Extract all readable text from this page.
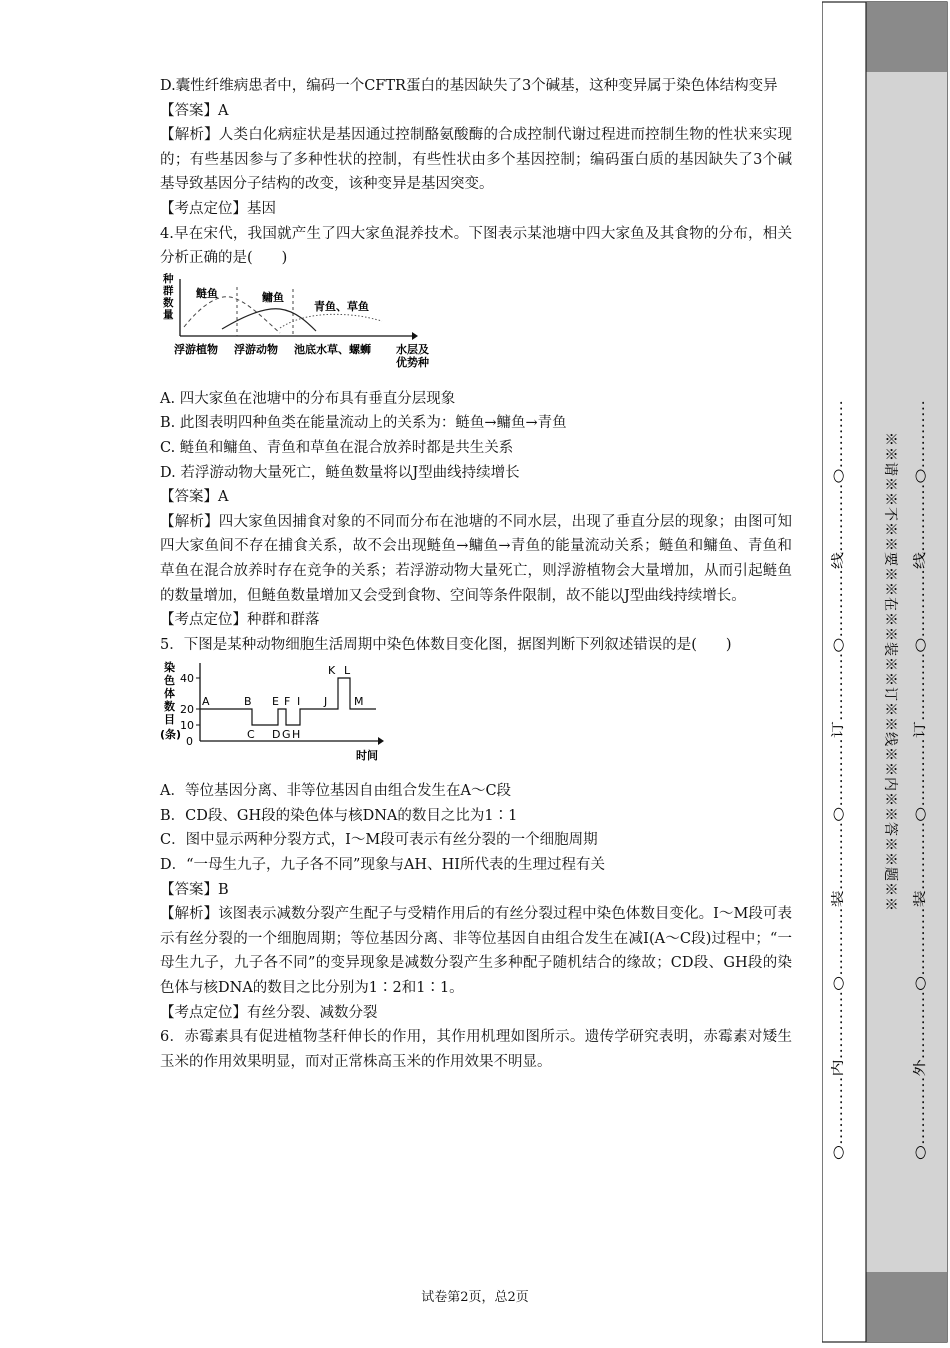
D.囊性纤维病患者中，编码一个CFTR蛋白的基因缺失了3个碱基，这种变异属于染色体结构变异

【答案】A

【解析】人类白化病症状是基因通过控制酪氨酸酶的合成控制代谢过程进而控制生物的性状来实现的；有些基因参与了多种性状的控制，有些性状由多个基因控制；编码蛋白质的基因缺失了3个碱基导致基因分子结构的改变，该种变异是基因突变。

【考点定位】基因

4.早在宋代，我国就产生了四大家鱼混养技术。下图表示某池塘中四大家鱼及其食物的分布，相关分析正确的是(　　)

种
群
数
量
鲢鱼	鳙鱼
青鱼、草鱼
浮游植物 浮游动物 池底水草、螺蛳 水层及
优势种

A. 四大家鱼在池塘中的分布具有垂直分层现象

B. 此图表明四种鱼类在能量流动上的关系为：鲢鱼→鳙鱼→青鱼

C. 鲢鱼和鳙鱼、青鱼和草鱼在混合放养时都是共生关系

D. 若浮游动物大量死亡，鲢鱼数量将以J型曲线持续增长

【答案】A

【解析】四大家鱼因捕食对象的不同而分布在池塘的不同水层，出现了垂直分层的现象；由图可知四大家鱼间不存在捕食关系，故不会出现鲢鱼→鳙鱼→青鱼的能量流动关系；鲢鱼和鳙鱼、青鱼和草鱼在混合放养时存在竞争的关系；若浮游动物大量死亡，则浮游植物会大量增加，从而引起鲢鱼的数量增加，但鲢鱼数量增加又会受到食物、空间等条件限制，故不能以J型曲线持续增长。

【考点定位】种群和群落

5．下图是某种动物细胞生活周期中染色体数目变化图，据图判断下列叙述错误的是(　　)

染
色
体
数
目
(条)
40
20
10
0
A	B
C D
E F
G H
I J
K L
M
时间

A．等位基因分离、非等位基因自由组合发生在A～C段

B．CD段、GH段的染色体与核DNA的数目之比为1∶1

C．图中显示两种分裂方式，I～M段可表示有丝分裂的一个细胞周期

D．“一母生九子，九子各不同”现象与AH、HI所代表的生理过程有关

【答案】B

【解析】该图表示减数分裂产生配子与受精作用后的有丝分裂过程中染色体数目变化。I～M段可表示有丝分裂的一个细胞周期；等位基因分离、非等位基因自由组合发生在减Ⅰ(A～C段)过程中；“一母生九子，九子各不同”的变异现象是减数分裂产生多种配子随机结合的缘故；CD段、GH段的染色体与核DNA的数目之比分别为1∶2和1∶1。

【考点定位】有丝分裂、减数分裂

6．赤霉素具有促进植物茎秆伸长的作用，其作用机理如图所示。遗传学研究表明，赤霉素对矮生玉米的作用效果明显，而对正常株高玉米的作用效果不明显。

试卷第2页，总2页
※※请※※不※※要※※在※※装※※订※※线※※内※※答※※题※※
○…………内…………○…………装…………○…………订…………○…………线…………○…………	○…………外…………○…………装…………○…………订…………○…………线…………○…………
